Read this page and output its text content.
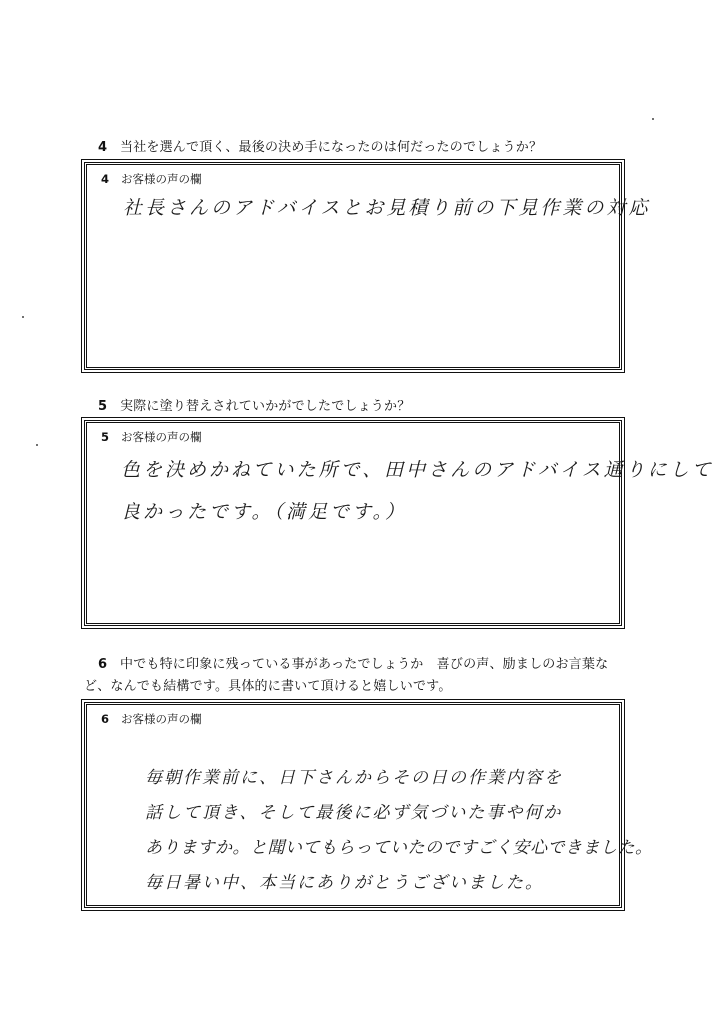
4 当社を選んで頂く、最後の決め手になったのは何だったのでしょうか？
4 お客様の声の欄
社長さんのアドバイスとお見積り前の下見作業の対応
5 実際に塗り替えされていかがでしたでしょうか？
5 お客様の声の欄
色を決めかねていた所で、田中さんのアドバイス通りにして
良かったです。（満足です。）
6 中でも特に印象に残っている事があったでしょうか　喜びの声、励ましのお言葉な
ど、なんでも結構です。具体的に書いて頂けると嬉しいです。
6 お客様の声の欄
毎朝作業前に、日下さんからその日の作業内容を
話して頂き、そして最後に必ず気づいた事や何か
ありますか。と聞いてもらっていたのですごく安心できました。
毎日暑い中、本当にありがとうございました。
